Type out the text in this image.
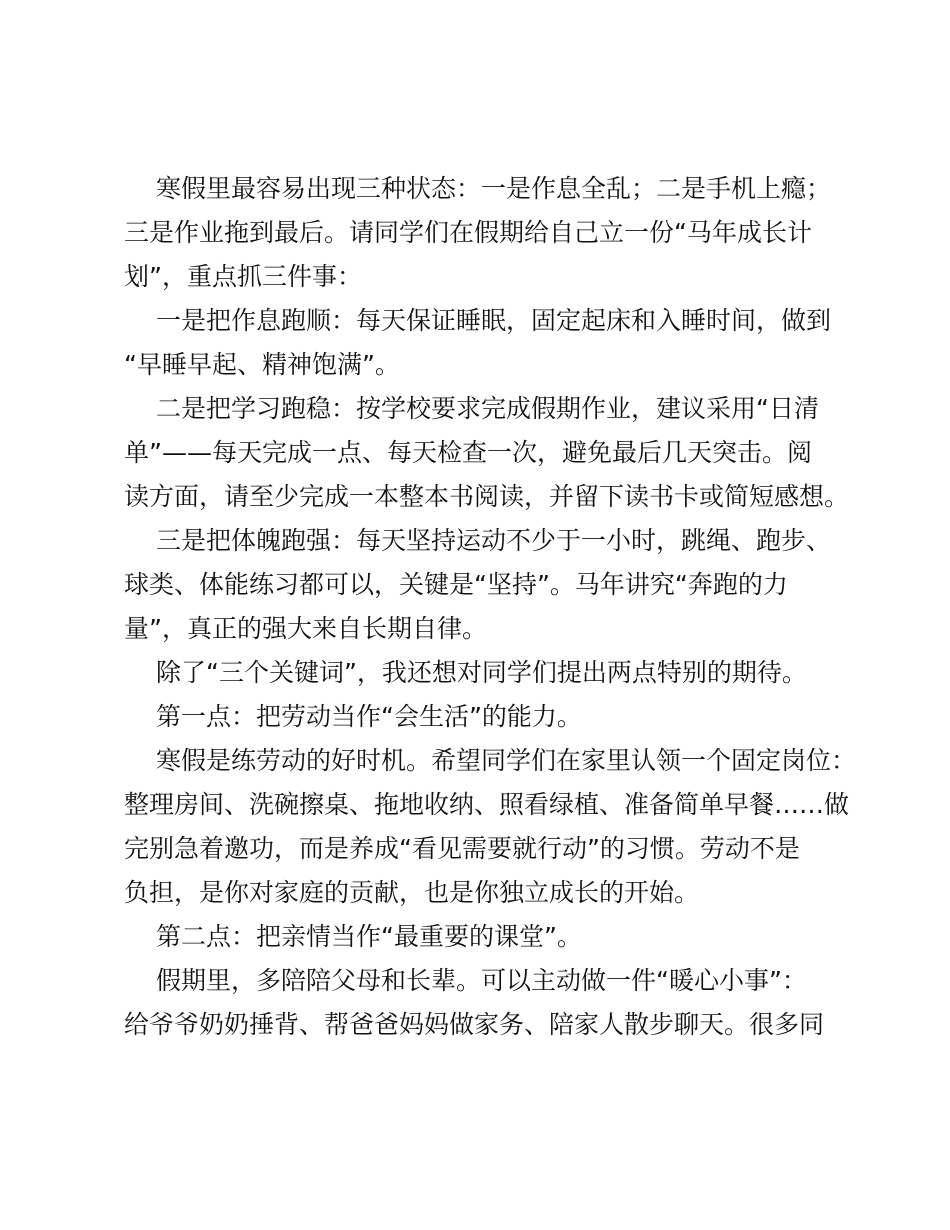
寒假里最容易出现三种状态：一是作息全乱；二是手机上瘾；
三是作业拖到最后。请同学们在假期给自己立一份“马年成长计
划”，重点抓三件事：
一是把作息跑顺：每天保证睡眠，固定起床和入睡时间，做到
“早睡早起、精神饱满”。
二是把学习跑稳：按学校要求完成假期作业，建议采用“日清
单”——每天完成一点、每天检查一次，避免最后几天突击。阅
读方面，请至少完成一本整本书阅读，并留下读书卡或简短感想。
三是把体魄跑强：每天坚持运动不少于一小时，跳绳、跑步、
球类、体能练习都可以，关键是“坚持”。马年讲究“奔跑的力
量”，真正的强大来自长期自律。
除了“三个关键词”，我还想对同学们提出两点特别的期待。
第一点：把劳动当作“会生活”的能力。
寒假是练劳动的好时机。希望同学们在家里认领一个固定岗位：
整理房间、洗碗擦桌、拖地收纳、照看绿植、准备简单早餐……做
完别急着邀功，而是养成“看见需要就行动”的习惯。劳动不是
负担，是你对家庭的贡献，也是你独立成长的开始。
第二点：把亲情当作“最重要的课堂”。
假期里，多陪陪父母和长辈。可以主动做一件“暖心小事”：
给爷爷奶奶捶背、帮爸爸妈妈做家务、陪家人散步聊天。很多同
